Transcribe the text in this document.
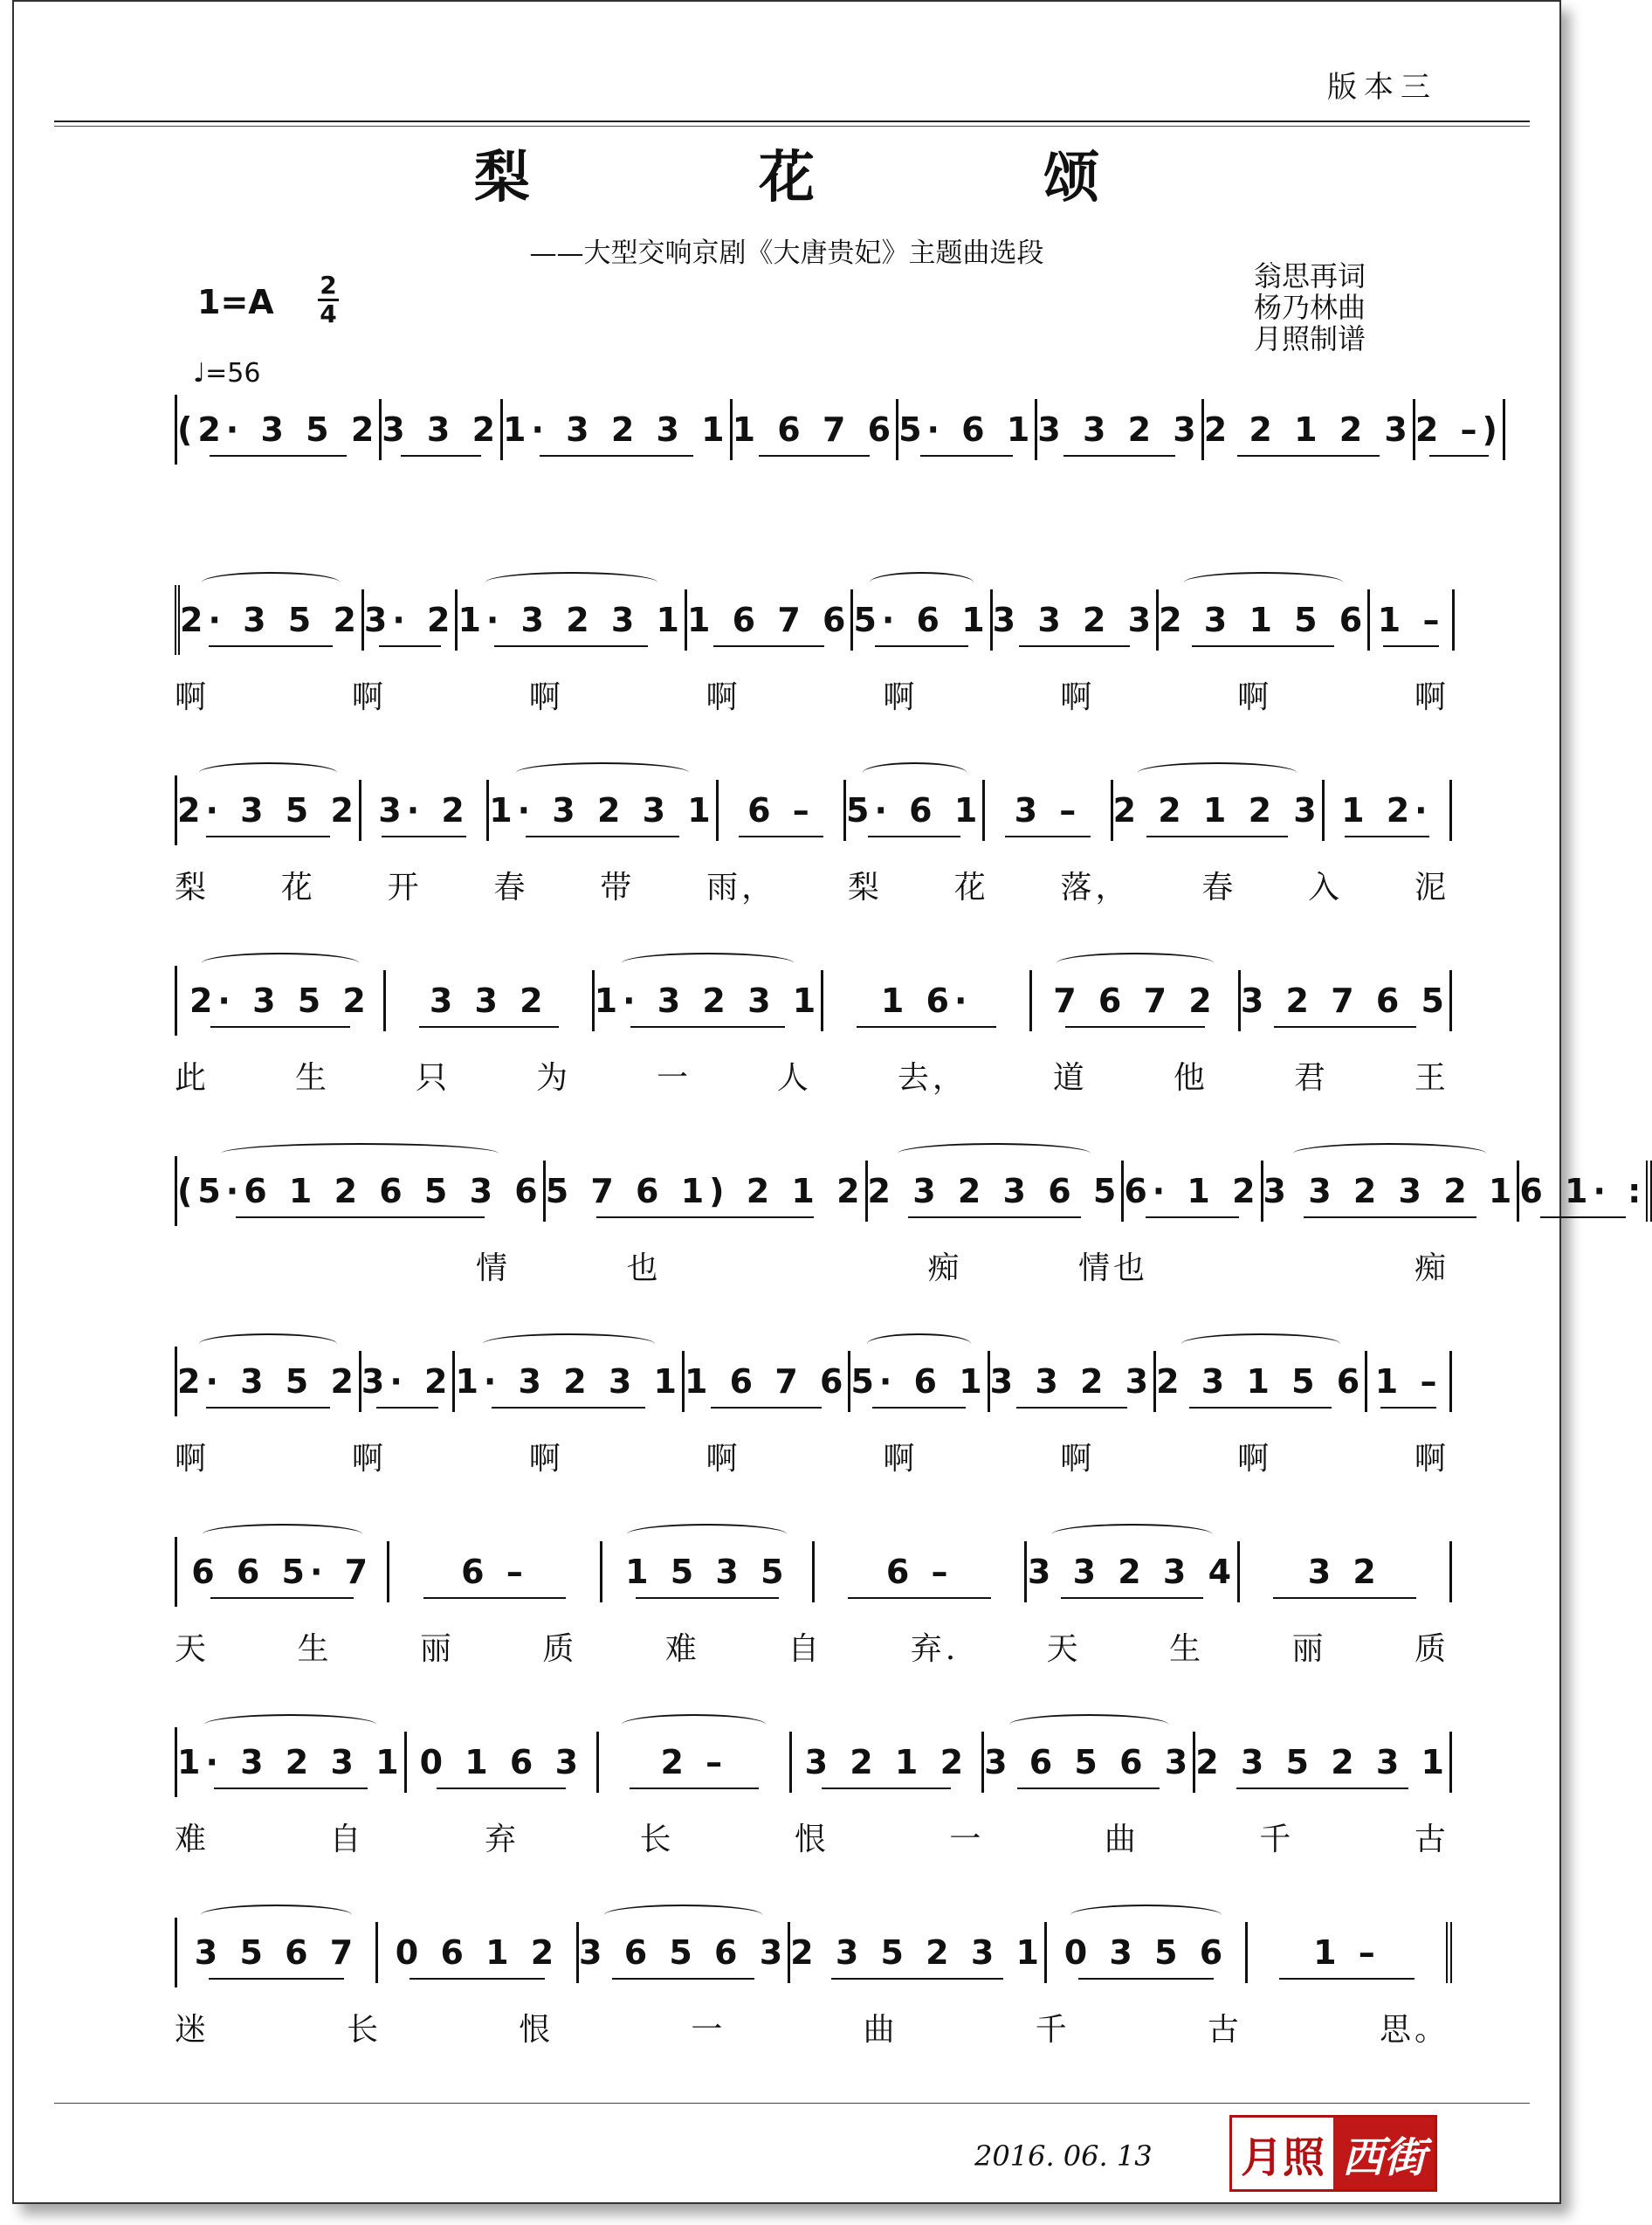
版本三
梨 花 颂
——大型交响京剧《大唐贵妃》主题曲选段
翁思再词
杨乃林曲
月照制谱
1=A 2
4
♩=56
(2· 3 5 2 3 3 2 1· 3 2 3 1 1 6 7 6 5· 6 1 3 3 2 3 2 2 1 2 3 2 –)
2· 3 5 2 3· 2 1· 3 2 3 1 1 6 7 6 5· 6 1 3 3 2 3 2 3 1 5 6 1 –
啊	啊	啊	啊	啊	啊	啊	啊
2· 3 5 2 3· 2 1· 3 2 3 1 6 – 5· 6 1 3 – 2 2 1 2 3 1 2·
梨 花 开 春 带 雨， 梨 花 落， 春 入 泥
2· 3 5 2	3 3 2	1· 3 2 3 1	1 6·	7 6 7 2 3 2 7 6 5
此	生	只	为	一	人	去，	道	他	君	王
(5·6 1 2 6 5 3 6 5 7 6 1) 2 1 2 2 3 2 3 6 5 6· 1 2 3 3 2 3 2 1 6 1· :
情	也	痴	情也	痴
2· 3 5 2 3· 2 1· 3 2 3 1 1 6 7 6 5· 6 1 3 3 2 3 2 3 1 5 6 1 –
啊	啊	啊	啊	啊	啊	啊	啊
6 6 5· 7	6 –	1 5 3 5	6 –	3 3 2 3 4	3 2
天	生	丽	质	难	自	弃.	天	生	丽	质
1· 3 2 3 1 0 1 6 3	2 –	3 2 1 2 3 6 5 6 3 2 3 5 2 3 1
难	自	弃	长	恨	一	曲	千	古
3 5 6 7	0 6 1 2 3 6 5 6 3 2 3 5 2 3 1 0 3 5 6	1 –
迷	长	恨	一	曲	千	古	思。
2016. 06. 13 月照 西街
